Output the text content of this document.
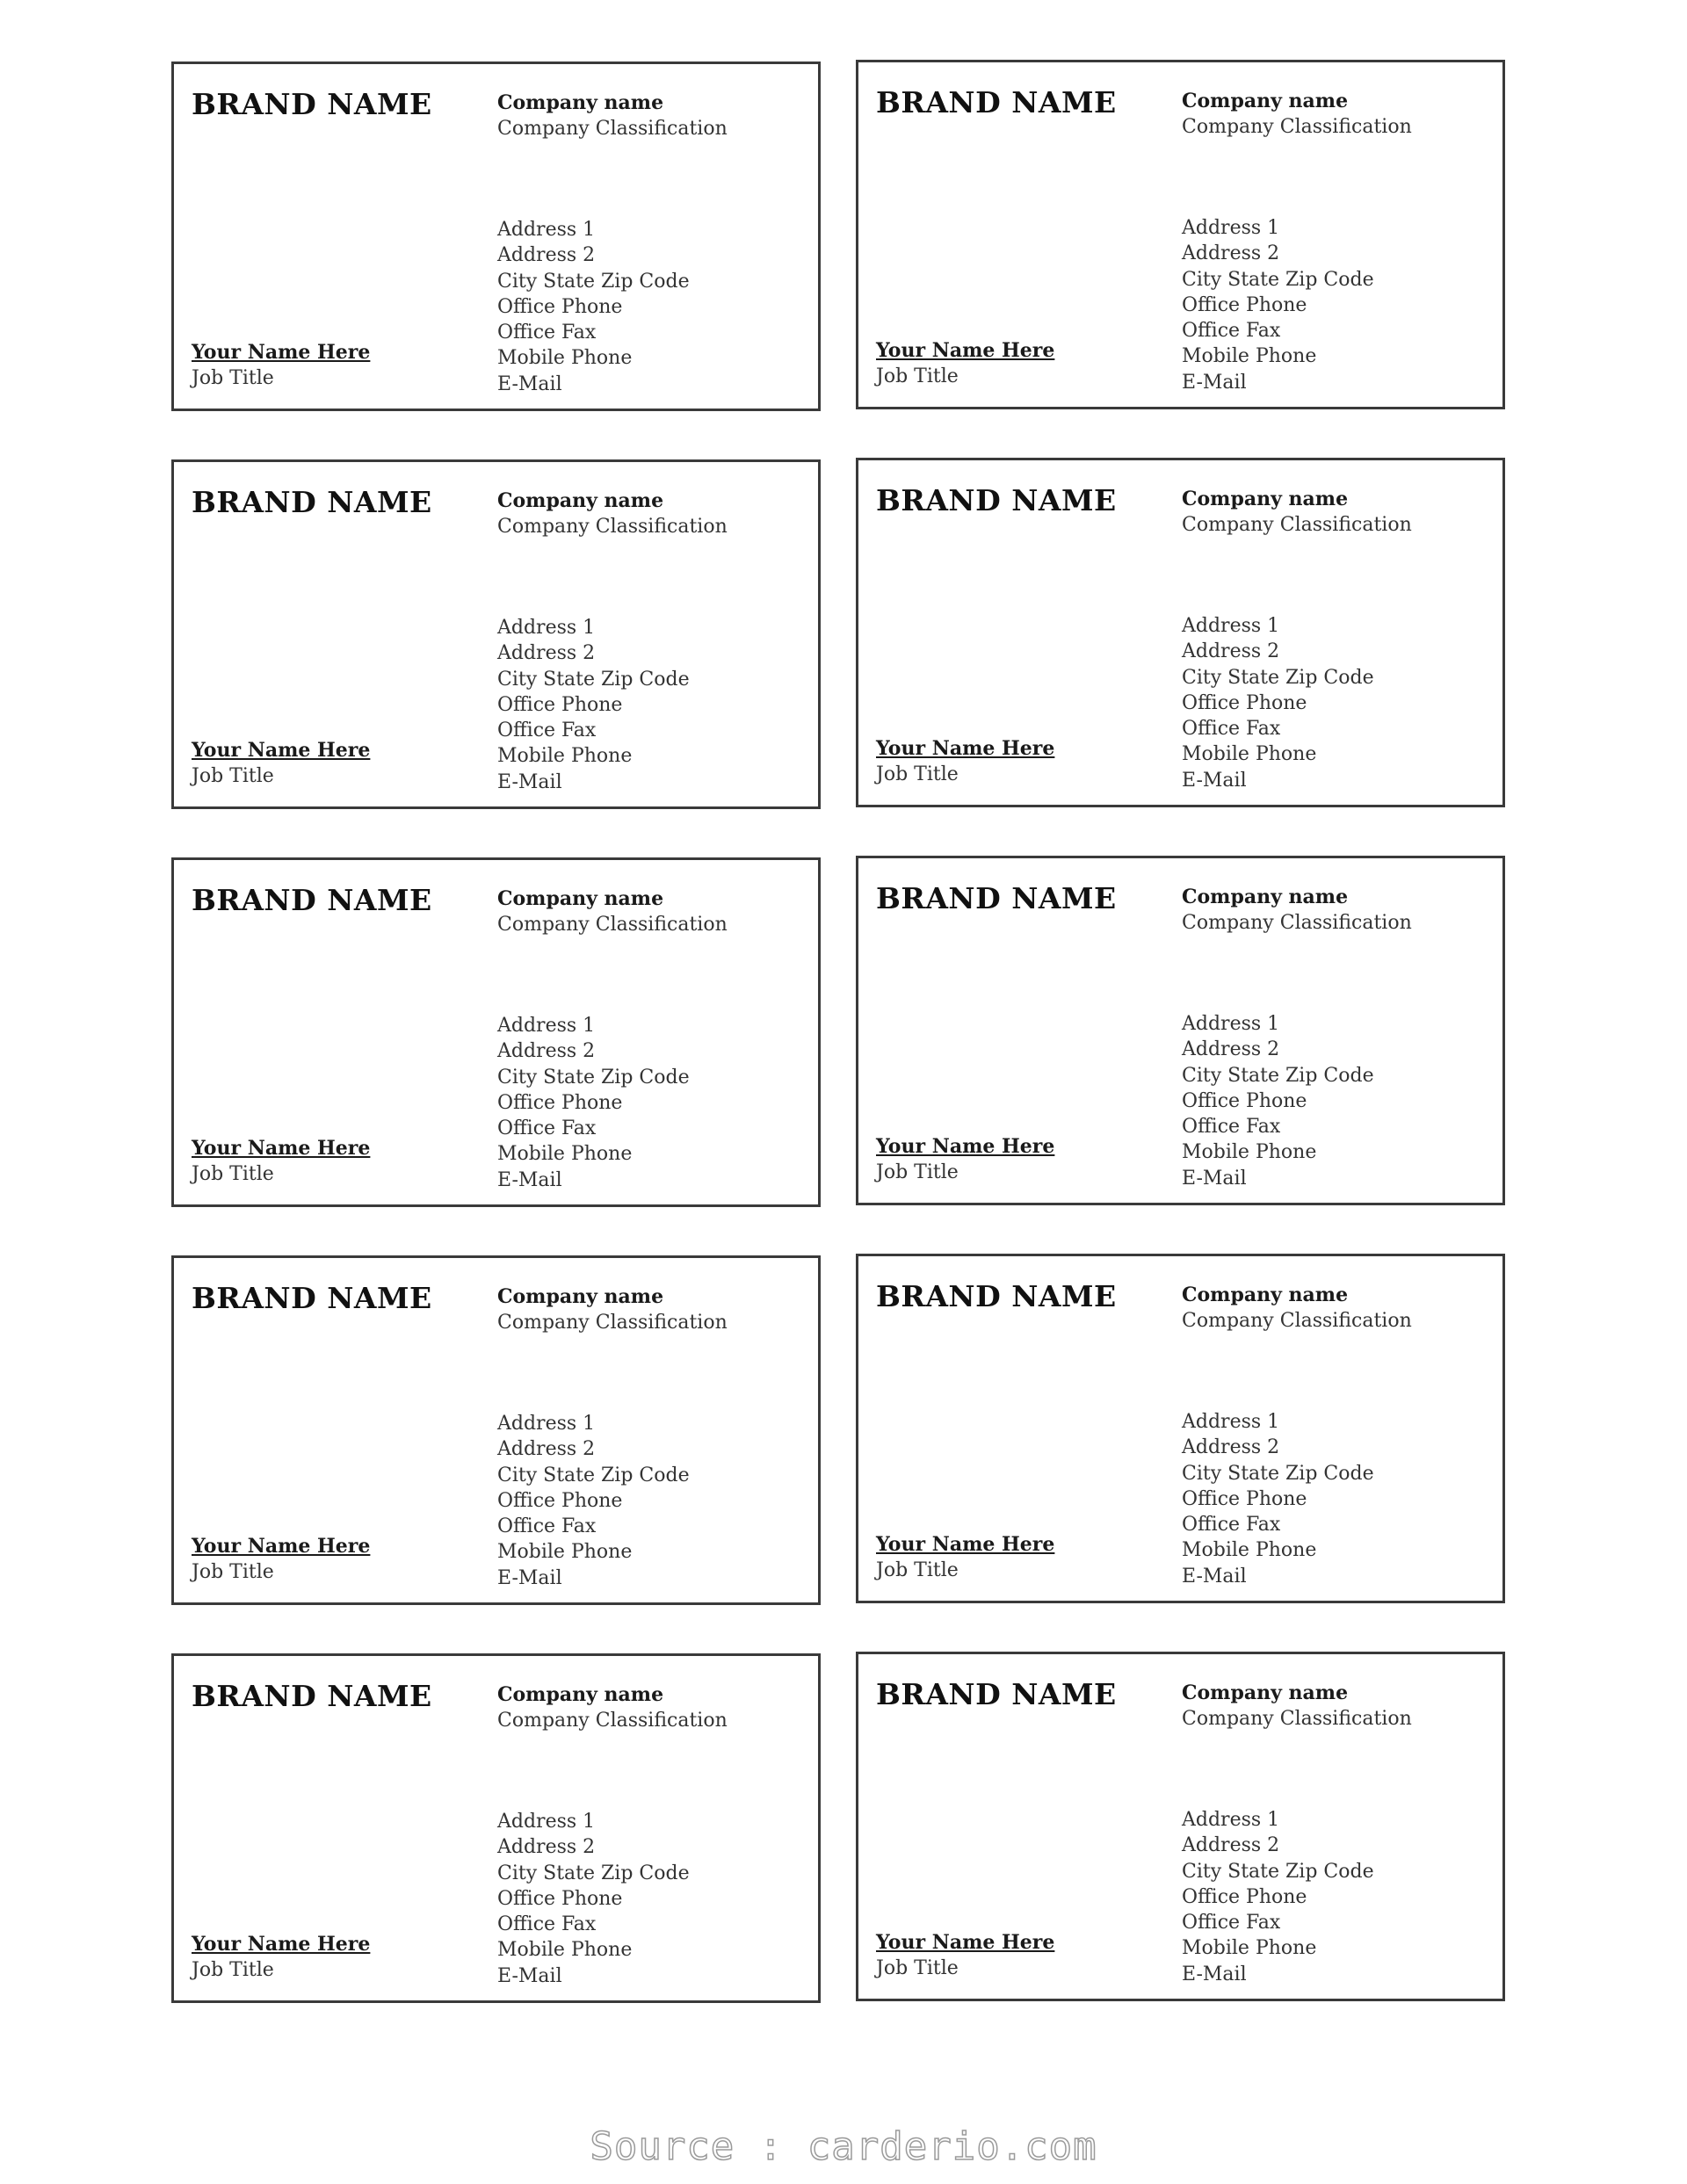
BRAND NAME	Company name
Company Classification
Address 1
Address 2
City State Zip Code
Office Phone
Office Fax
Mobile Phone
E-Mail
Your Name Here
Job Title
BRAND NAME	Company name
Company Classification
Address 1
Address 2
City State Zip Code
Office Phone
Office Fax
Mobile Phone
E-Mail
Your Name Here
Job Title
BRAND NAME	Company name
Company Classification
Address 1
Address 2
City State Zip Code
Office Phone
Office Fax
Mobile Phone
E-Mail
Your Name Here
Job Title
BRAND NAME	Company name
Company Classification
Address 1
Address 2
City State Zip Code
Office Phone
Office Fax
Mobile Phone
E-Mail
Your Name Here
Job Title
BRAND NAME	Company name
Company Classification
Address 1
Address 2
City State Zip Code
Office Phone
Office Fax
Mobile Phone
E-Mail
Your Name Here
Job Title
BRAND NAME	Company name
Company Classification
Address 1
Address 2
City State Zip Code
Office Phone
Office Fax
Mobile Phone
E-Mail
Your Name Here
Job Title
BRAND NAME	Company name
Company Classification
Address 1
Address 2
City State Zip Code
Office Phone
Office Fax
Mobile Phone
E-Mail
Your Name Here
Job Title
BRAND NAME	Company name
Company Classification
Address 1
Address 2
City State Zip Code
Office Phone
Office Fax
Mobile Phone
E-Mail
Your Name Here
Job Title
BRAND NAME	Company name
Company Classification
Address 1
Address 2
City State Zip Code
Office Phone
Office Fax
Mobile Phone
E-Mail
Your Name Here
Job Title
BRAND NAME	Company name
Company Classification
Address 1
Address 2
City State Zip Code
Office Phone
Office Fax
Mobile Phone
E-Mail
Your Name Here
Job Title
Source : carderio.com
